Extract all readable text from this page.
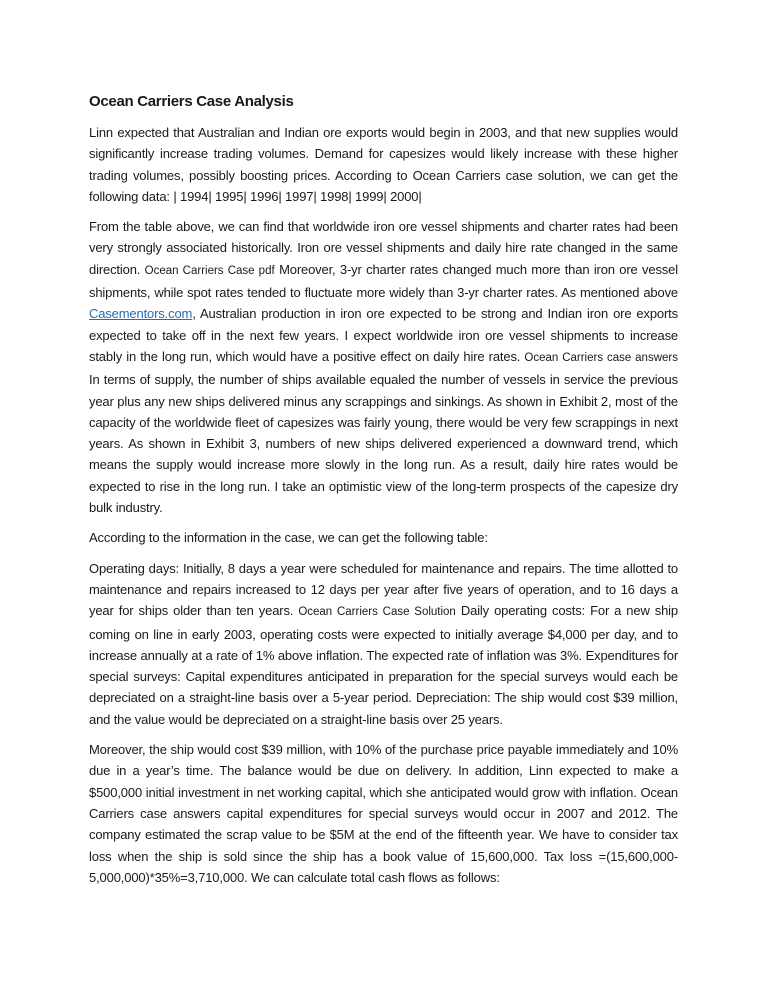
Ocean Carriers Case Analysis

Linn expected that Australian and Indian ore exports would begin in 2003, and that new supplies would significantly increase trading volumes. Demand for capesizes would likely increase with these higher trading volumes, possibly boosting prices. According to Ocean Carriers case solution, we can get the following data: | 1994| 1995| 1996| 1997| 1998| 1999| 2000|

From the table above, we can find that worldwide iron ore vessel shipments and charter rates had been very strongly associated historically. Iron ore vessel shipments and daily hire rate changed in the same direction. Ocean Carriers Case pdf Moreover, 3-yr charter rates changed much more than iron ore vessel shipments, while spot rates tended to fluctuate more widely than 3-yr charter rates. As mentioned above Casementors.com, Australian production in iron ore expected to be strong and Indian iron ore exports expected to take off in the next few years. I expect worldwide iron ore vessel shipments to increase stably in the long run, which would have a positive effect on daily hire rates. Ocean Carriers case answers In terms of supply, the number of ships available equaled the number of vessels in service the previous year plus any new ships delivered minus any scrappings and sinkings. As shown in Exhibit 2, most of the capacity of the worldwide fleet of capesizes was fairly young, there would be very few scrappings in next years. As shown in Exhibit 3, numbers of new ships delivered experienced a downward trend, which means the supply would increase more slowly in the long run. As a result, daily hire rates would be expected to rise in the long run. I take an optimistic view of the long-term prospects of the capesize dry bulk industry.

According to the information in the case, we can get the following table:

Operating days: Initially, 8 days a year were scheduled for maintenance and repairs. The time allotted to maintenance and repairs increased to 12 days per year after five years of operation, and to 16 days a year for ships older than ten years. Ocean Carriers Case Solution Daily operating costs: For a new ship coming on line in early 2003, operating costs were expected to initially average $4,000 per day, and to increase annually at a rate of 1% above inflation. The expected rate of inflation was 3%. Expenditures for special surveys: Capital expenditures anticipated in preparation for the special surveys would each be depreciated on a straight-line basis over a 5-year period. Depreciation: The ship would cost $39 million, and the value would be depreciated on a straight-line basis over 25 years.

Moreover, the ship would cost $39 million, with 10% of the purchase price payable immediately and 10% due in a year’s time. The balance would be due on delivery. In addition, Linn expected to make a $500,000 initial investment in net working capital, which she anticipated would grow with inflation. Ocean Carriers case answers capital expenditures for special surveys would occur in 2007 and 2012. The company estimated the scrap value to be $5M at the end of the fifteenth year. We have to consider tax loss when the ship is sold since the ship has a book value of 15,600,000. Tax loss =(15,600,000-5,000,000)*35%=3,710,000. We can calculate total cash flows as follows:
